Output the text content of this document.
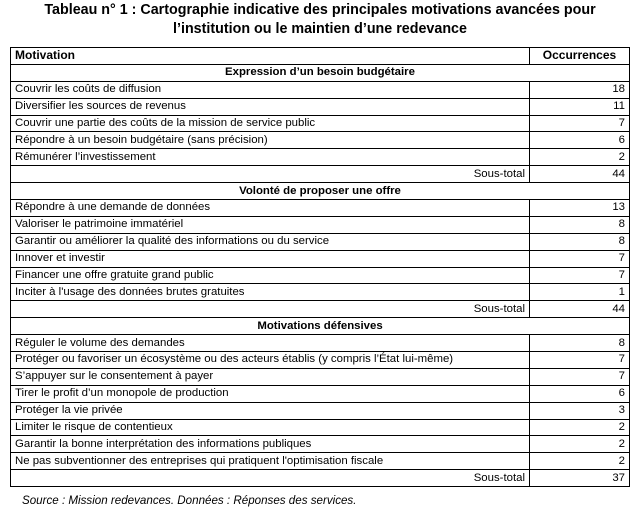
Tableau n° 1 : Cartographie indicative des principales motivations avancées pour
l’institution ou le maintien d’une redevance
Motivation	Occurrences
Expression d’un besoin budgétaire	
Couvrir les coûts de diffusion	18
Diversifier les sources de revenus	11
Couvrir une partie des coûts de la mission de service public	7
Répondre à un besoin budgétaire (sans précision)	6
Rémunérer l’investissement	2
Sous-total	44
Volonté de proposer une offre	
Répondre à une demande de données	13
Valoriser le patrimoine immatériel	8
Garantir ou améliorer la qualité des informations ou du service	8
Innover et investir	7
Financer une offre gratuite grand public	7
Inciter à l'usage des données brutes gratuites	1
Sous-total	44
Motivations défensives	
Réguler le volume des demandes	8
Protéger ou favoriser un écosystème ou des acteurs établis (y compris l’État lui-même)	7
S’appuyer sur le consentement à payer	7
Tirer le profit d’un monopole de production	6
Protéger la vie privée	3
Limiter le risque de contentieux	2
Garantir la bonne interprétation des informations publiques	2
Ne pas subventionner des entreprises qui pratiquent l'optimisation fiscale	2
Sous-total	37
Source : Mission redevances. Données : Réponses des services.
